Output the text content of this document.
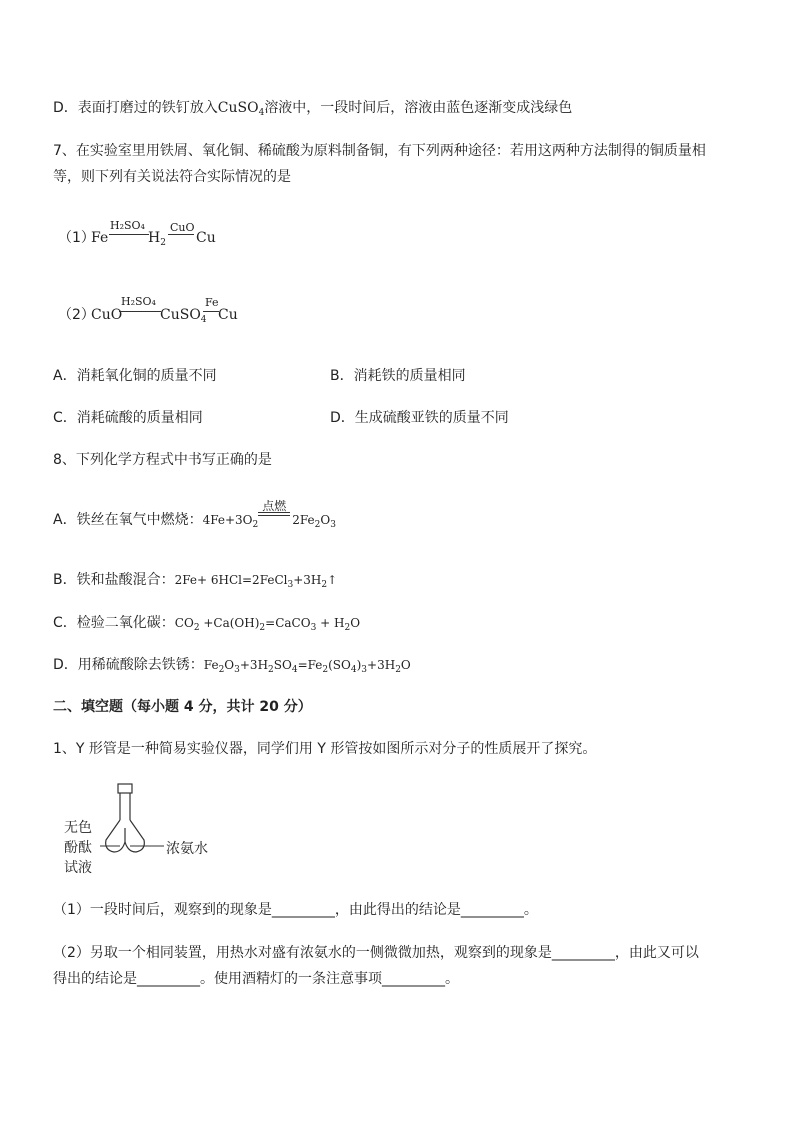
D．表面打磨过的铁钉放入CuSO$_4$溶液中，一段时间后，溶液由蓝色逐渐变成浅绿色
7、在实验室里用铁屑、氧化铜、稀硫酸为原料制备铜，有下列两种途径：若用这两种方法制得的铜质量相
等，则下列有关说法符合实际情况的是
（1）
Fe
H₂SO₄
$H_2$
CuO
Cu
（2）
CuO
H₂SO₄
CuSO$_4$
Fe
Cu
A．消耗氧化铜的质量不同	B．消耗铁的质量相同
C．消耗硫酸的质量相同	D．生成硫酸亚铁的质量不同
8、下列化学方程式中书写正确的是
A．铁丝在氧气中燃烧：$4Fe+3O_2$
点燃
$2Fe_2O_3$
B．铁和盐酸混合：$2Fe+ 6HCl=2FeCl_3+3H_2↑$
C．检验二氧化碳：$CO_2$ $+Ca(OH)_2=CaCO_3 + H_2O$
D．用稀硫酸除去铁锈：$Fe_2O_3+3H_2SO_4=Fe_2(SO_4)_3+3H_2O$
二、填空题（每小题 4 分，共计 20 分）
1、Y 形管是一种简易实验仪器，同学们用 Y 形管按如图所示对分子的性质展开了探究。
无色
酚酞
试液
浓氨水
（1）一段时间后，观察到的现象是_________，由此得出的结论是_________。
（2）另取一个相同装置，用热水对盛有浓氨水的一侧微微加热，观察到的现象是_________，由此又可以
得出的结论是_________。使用酒精灯的一条注意事项_________。
